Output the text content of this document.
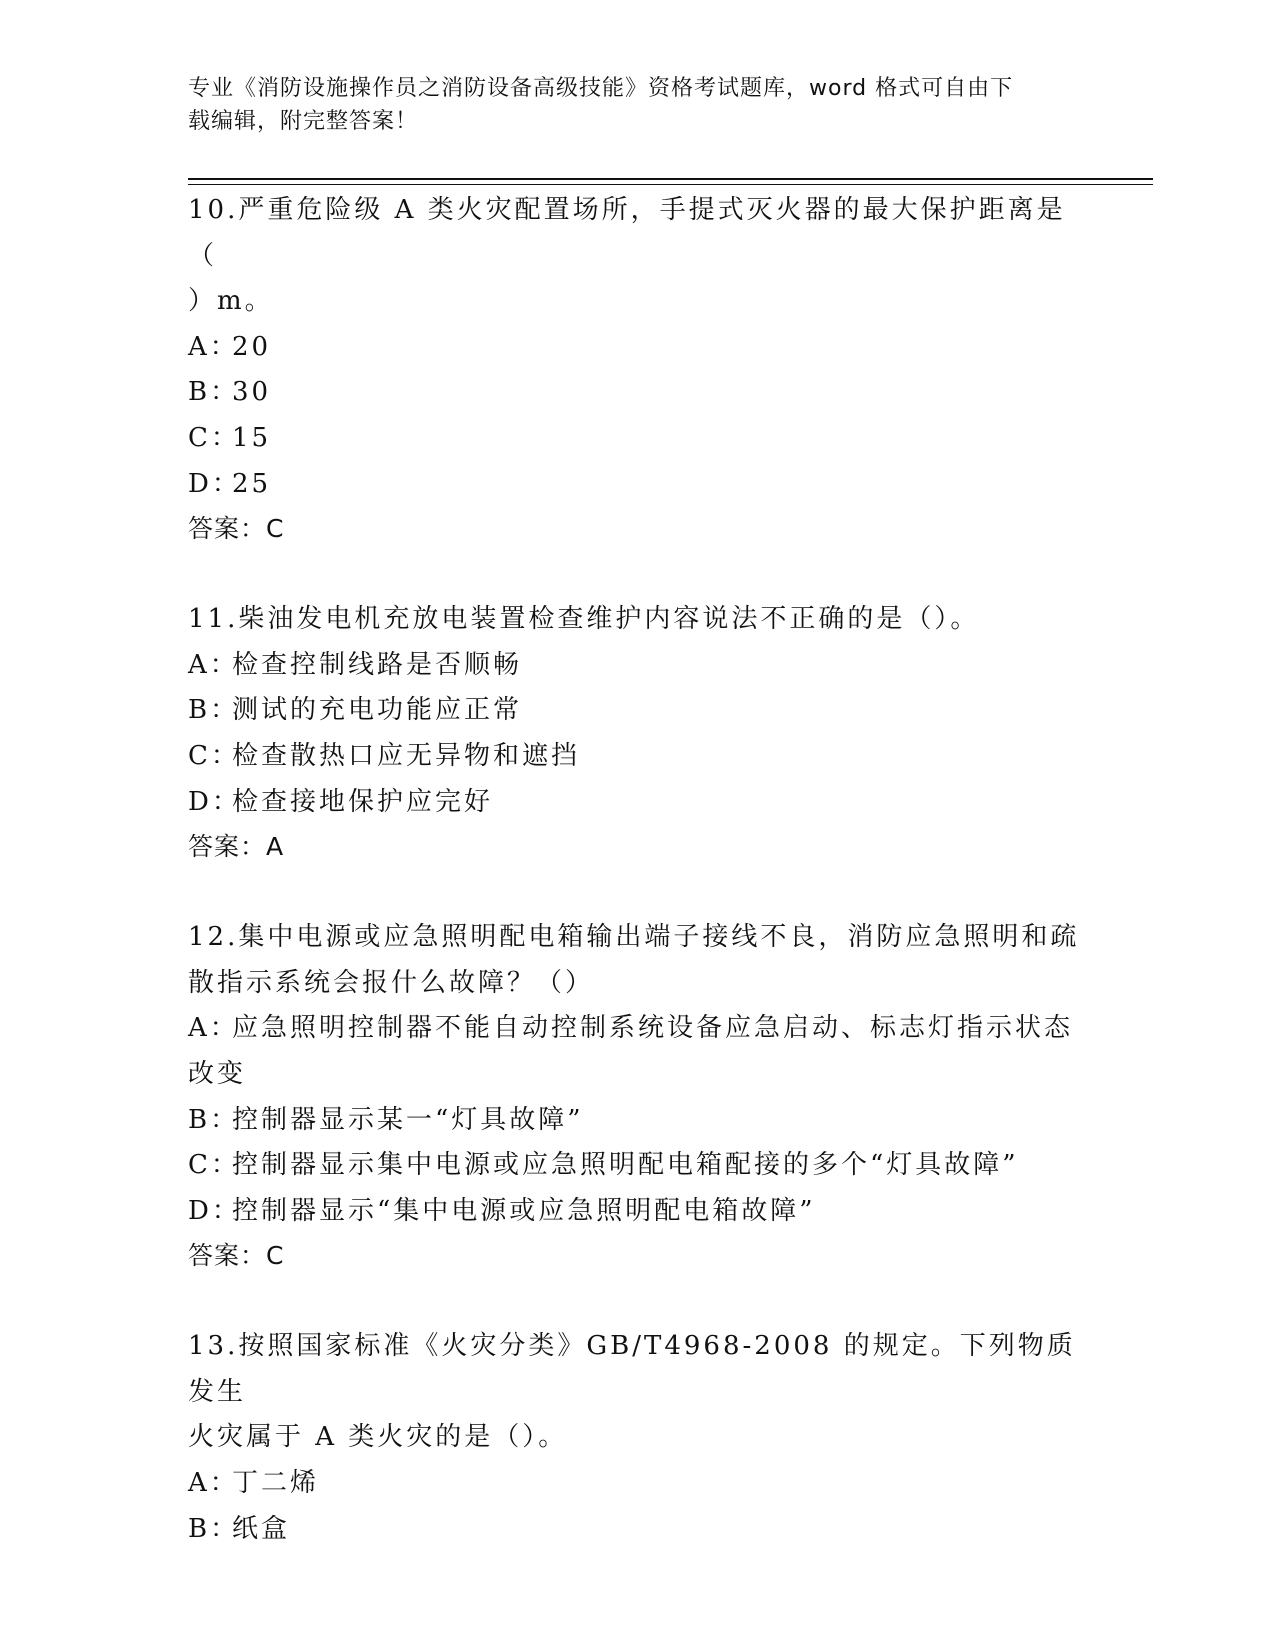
专业《消防设施操作员之消防设备高级技能》资格考试题库，word 格式可自由下
载编辑，附完整答案！
10.严重危险级 A 类火灾配置场所，手提式灭火器的最大保护距离是（
）m。
A：
20
B：
30
C：
15
D：
25
答案：C
11.柴油发电机充放电装置检查维护内容说法不正确的是（）。
A：
检查控制线路是否顺畅
B：
测试的充电功能应正常
C：
检查散热口应无异物和遮挡
D：
检查接地保护应完好
答案：A
12.集中电源或应急照明配电箱输出端子接线不良，消防应急照明和疏
散指示系统会报什么故障？（）
A：
应急照明控制器不能自动控制系统设备应急启动、标志灯指示状态
改变
B：
控制器显示某一“灯具故障”
C：
控制器显示集中电源或应急照明配电箱配接的多个“灯具故障”
D：
控制器显示“集中电源或应急照明配电箱故障”
答案：C
13.按照国家标准《火灾分类》GB/T4968-2008 的规定。下列物质发生
火灾属于 A 类火灾的是（）。
A：
丁二烯
B：
纸盒
